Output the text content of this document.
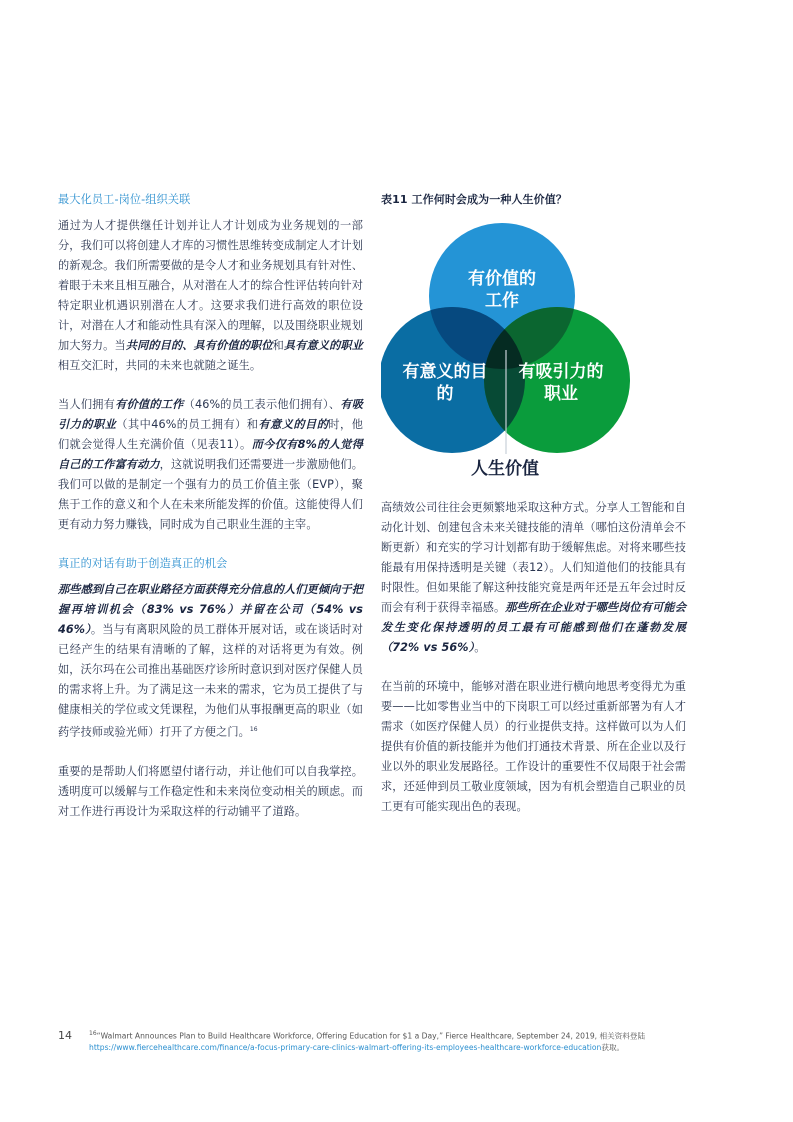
最大化员工-岗位-组织关联

通过为人才提供继任计划并让人才计划成为业务规划的一部分，我们可以将创建人才库的习惯性思维转变成制定人才计划的新观念。我们所需要做的是令人才和业务规划具有针对性、着眼于未来且相互融合，从对潜在人才的综合性评估转向针对特定职业机遇识别潜在人才。这要求我们进行高效的职位设计，对潜在人才和能动性具有深入的理解，以及围绕职业规划加大努力。当共同的目的、具有价值的职位和具有意义的职业相互交汇时，共同的未来也就随之诞生。

当人们拥有有价值的工作（46%的员工表示他们拥有）、有吸引力的职业（其中46%的员工拥有）和有意义的目的时，他们就会觉得人生充满价值（见表11）。而今仅有8%的人觉得自己的工作富有动力，这就说明我们还需要进一步激励他们。我们可以做的是制定一个强有力的员工价值主张（EVP），聚焦于工作的意义和个人在未来所能发挥的价值。这能使得人们更有动力努力赚钱，同时成为自己职业生涯的主宰。

真正的对话有助于创造真正的机会

那些感到自己在职业路径方面获得充分信息的人们更倾向于把握再培训机会（83% vs 76%）并留在公司（54% vs 46%）。当与有离职风险的员工群体开展对话，或在谈话时对已经产生的结果有清晰的了解，这样的对话将更为有效。例如，沃尔玛在公司推出基础医疗诊所时意识到对医疗保健人员的需求将上升。为了满足这一未来的需求，它为员工提供了与健康相关的学位或文凭课程，为他们从事报酬更高的职业（如药学技师或验光师）打开了方便之门。$^{16}$

重要的是帮助人们将愿望付诸行动，并让他们可以自我掌控。透明度可以缓解与工作稳定性和未来岗位变动相关的顾虑。而对工作进行再设计为采取这样的行动铺平了道路。

表11 工作何时会成为一种人生价值？

有价值的
工作
有意义的目
的
有吸引力的
职业
人生价值

高绩效公司往往会更频繁地采取这种方式。分享人工智能和自动化计划、创建包含未来关键技能的清单（哪怕这份清单会不断更新）和充实的学习计划都有助于缓解焦虑。对将来哪些技能最有用保持透明是关键（表12）。人们知道他们的技能具有时限性。但如果能了解这种技能究竟是两年还是五年会过时反而会有利于获得幸福感。那些所在企业对于哪些岗位有可能会发生变化保持透明的员工最有可能感到他们在蓬勃发展（72% vs 56%）。

在当前的环境中，能够对潜在职业进行横向地思考变得尤为重要——比如零售业当中的下岗职工可以经过重新部署为有人才需求（如医疗保健人员）的行业提供支持。这样做可以为人们提供有价值的新技能并为他们打通技术背景、所在企业以及行业以外的职业发展路径。工作设计的重要性不仅局限于社会需求，还延伸到员工敬业度领域，因为有机会塑造自己职业的员工更有可能实现出色的表现。

14	$^{16}$“Walmart Announces Plan to Build Healthcare Workforce, Offering Education for $1 a Day,” Fierce Healthcare, September 24, 2019, 相关资料登陆
https://www.fiercehealthcare.com/finance/a-focus-primary-care-clinics-walmart-offering-its-employees-healthcare-workforce-education获取。
